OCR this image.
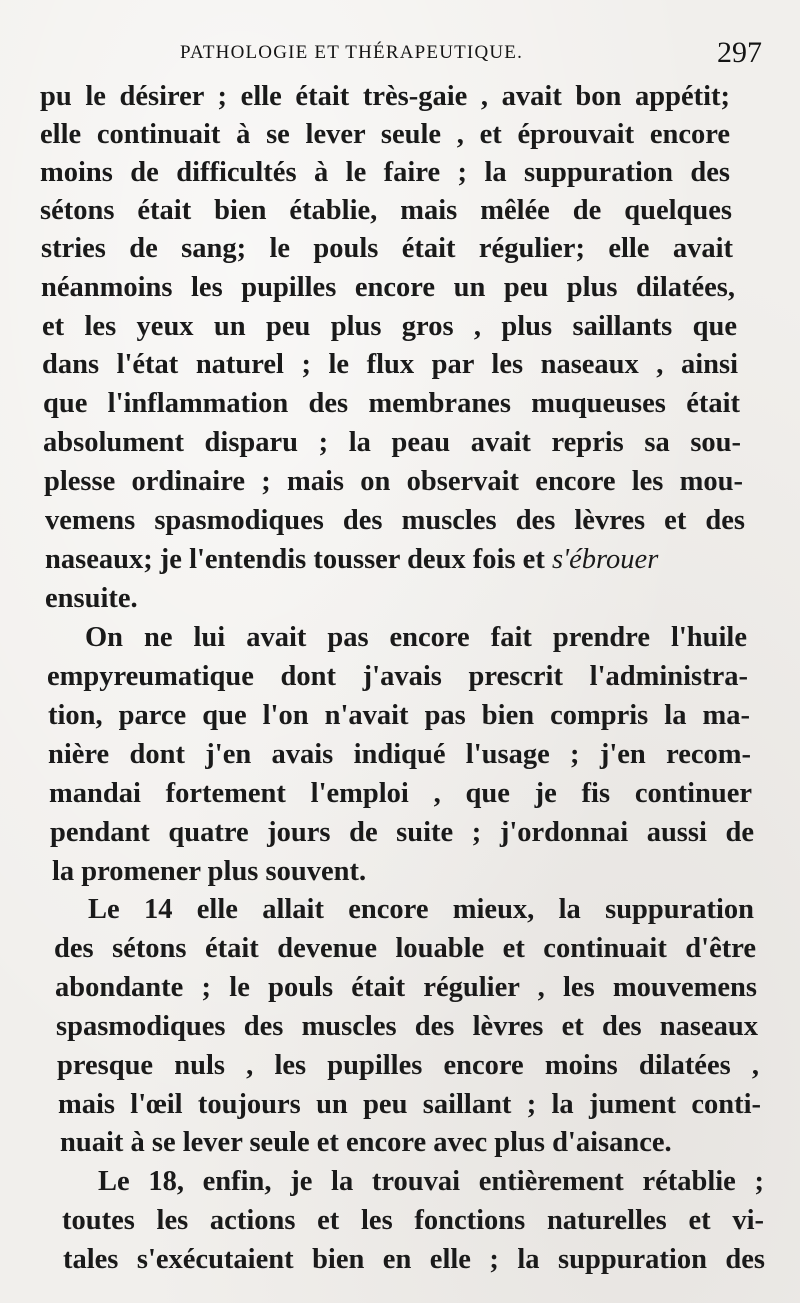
PATHOLOGIE ET THÉRAPEUTIQUE.	297
pu le désirer ; elle était très-gaie , avait bon appétit;
elle continuait à se lever seule , et éprouvait encore
moins de difficultés à le faire ; la suppuration des
sétons était bien établie, mais mêlée de quelques
stries de sang; le pouls était régulier; elle avait
néanmoins les pupilles encore un peu plus dilatées,
et les yeux un peu plus gros , plus saillants que
dans l'état naturel ; le flux par les naseaux , ainsi
que l'inflammation des membranes muqueuses était
absolument disparu ; la peau avait repris sa sou-
plesse ordinaire ; mais on observait encore les mou-
vemens spasmodiques des muscles des lèvres et des
naseaux; je l'entendis tousser deux fois et s'ébrouer
ensuite.
On ne lui avait pas encore fait prendre l'huile
empyreumatique dont j'avais prescrit l'administra-
tion, parce que l'on n'avait pas bien compris la ma-
nière dont j'en avais indiqué l'usage ; j'en recom-
mandai fortement l'emploi , que je fis continuer
pendant quatre jours de suite ; j'ordonnai aussi de
la promener plus souvent.
Le 14 elle allait encore mieux, la suppuration
des sétons était devenue louable et continuait d'être
abondante ; le pouls était régulier , les mouvemens
spasmodiques des muscles des lèvres et des naseaux
presque nuls , les pupilles encore moins dilatées ,
mais l'œil toujours un peu saillant ; la jument conti-
nuait à se lever seule et encore avec plus d'aisance.
Le 18, enfin, je la trouvai entièrement rétablie ;
toutes les actions et les fonctions naturelles et vi-
tales s'exécutaient bien en elle ; la suppuration des
